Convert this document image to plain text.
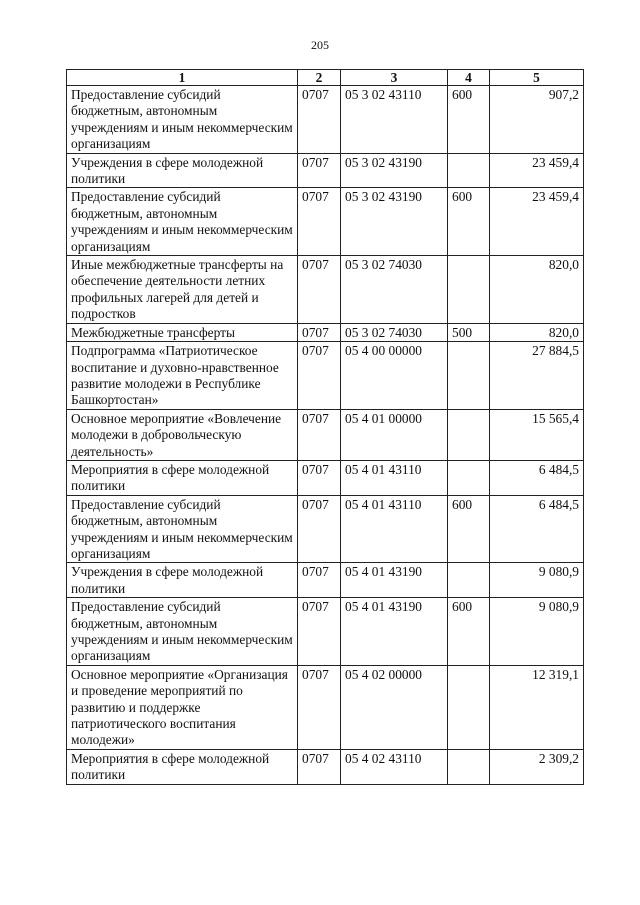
205
1	2	3	4	5
Предоставление субсидий бюджетным, автономным учреждениям и иным некоммерческим организациям	0707	05 3 02 43110	600	907,2
Учреждения в сфере молодежной политики	0707	05 3 02 43190		23 459,4
Предоставление субсидий бюджетным, автономным учреждениям и иным некоммерческим организациям	0707	05 3 02 43190	600	23 459,4
Иные межбюджетные трансферты на обеспечение деятельности летних профильных лагерей для детей и подростков	0707	05 3 02 74030		820,0
Межбюджетные трансферты	0707	05 3 02 74030	500	820,0
Подпрограмма «Патриотическое воспитание и духовно-нравственное развитие молодежи в Республике Башкортостан»	0707	05 4 00 00000		27 884,5
Основное мероприятие «Вовлечение молодежи в добровольческую деятельность»	0707	05 4 01 00000		15 565,4
Мероприятия в сфере молодежной политики	0707	05 4 01 43110		6 484,5
Предоставление субсидий бюджетным, автономным учреждениям и иным некоммерческим организациям	0707	05 4 01 43110	600	6 484,5
Учреждения в сфере молодежной политики	0707	05 4 01 43190		9 080,9
Предоставление субсидий бюджетным, автономным учреждениям и иным некоммерческим организациям	0707	05 4 01 43190	600	9 080,9
Основное мероприятие «Организация и проведение мероприятий по развитию и поддержке патриотического воспитания молодежи»	0707	05 4 02 00000		12 319,1
Мероприятия в сфере молодежной политики	0707	05 4 02 43110		2 309,2
